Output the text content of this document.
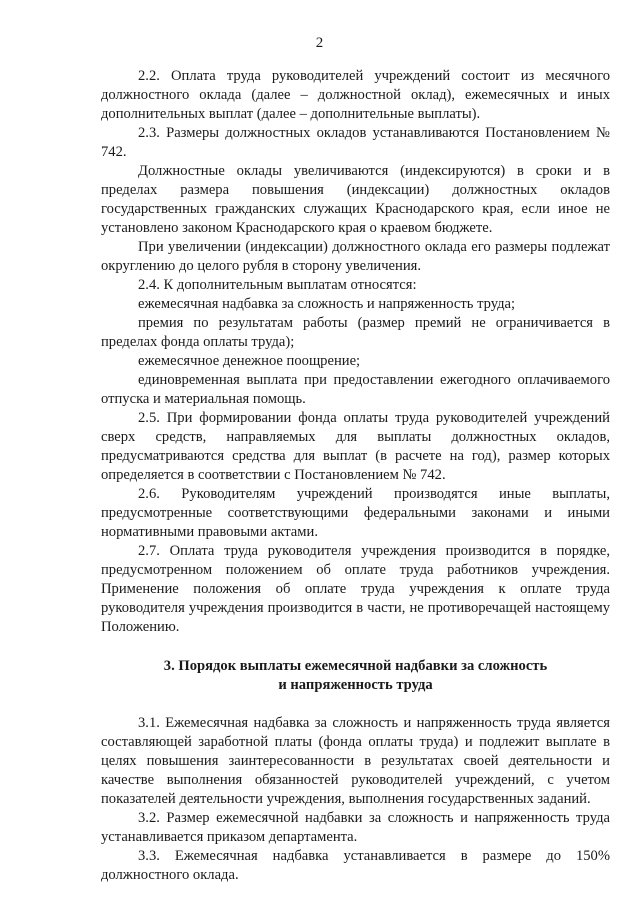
2

2.2. Оплата труда руководителей учреждений состоит из месячного должностного оклада (далее – должностной оклад), ежемесячных и иных дополнительных выплат (далее – дополнительные выплаты).

2.3. Размеры должностных окладов устанавливаются Постановлением № 742.

Должностные оклады увеличиваются (индексируются) в сроки и в пределах размера повышения (индексации) должностных окладов государственных гражданских служащих Краснодарского края, если иное не установлено законом Краснодарского края о краевом бюджете.

При увеличении (индексации) должностного оклада его размеры подлежат округлению до целого рубля в сторону увеличения.

2.4. К дополнительным выплатам относятся:

ежемесячная надбавка за сложность и напряженность труда;

премия по результатам работы (размер премий не ограничивается в пределах фонда оплаты труда);

ежемесячное денежное поощрение;

единовременная выплата при предоставлении ежегодного оплачиваемого отпуска и материальная помощь.

2.5. При формировании фонда оплаты труда руководителей учреждений сверх средств, направляемых для выплаты должностных окладов, предусматриваются средства для выплат (в расчете на год), размер которых определяется в соответствии с Постановлением № 742.

2.6. Руководителям учреждений производятся иные выплаты, предусмотренные соответствующими федеральными законами и иными нормативными правовыми актами.

2.7. Оплата труда руководителя учреждения производится в порядке, предусмотренном положением об оплате труда работников учреждения. Применение положения об оплате труда учреждения к оплате труда руководителя учреждения производится в части, не противоречащей настоящему Положению.

3. Порядок выплаты ежемесячной надбавки за сложность
и напряженность труда

3.1. Ежемесячная надбавка за сложность и напряженность труда является составляющей заработной платы (фонда оплаты труда) и подлежит выплате в целях повышения заинтересованности в результатах своей деятельности и качестве выполнения обязанностей руководителей учреждений, с учетом показателей деятельности учреждения, выполнения государственных заданий.

3.2. Размер ежемесячной надбавки за сложность и напряженность труда устанавливается приказом департамента.

3.3. Ежемесячная надбавка устанавливается в размере до 150% должностного оклада.
